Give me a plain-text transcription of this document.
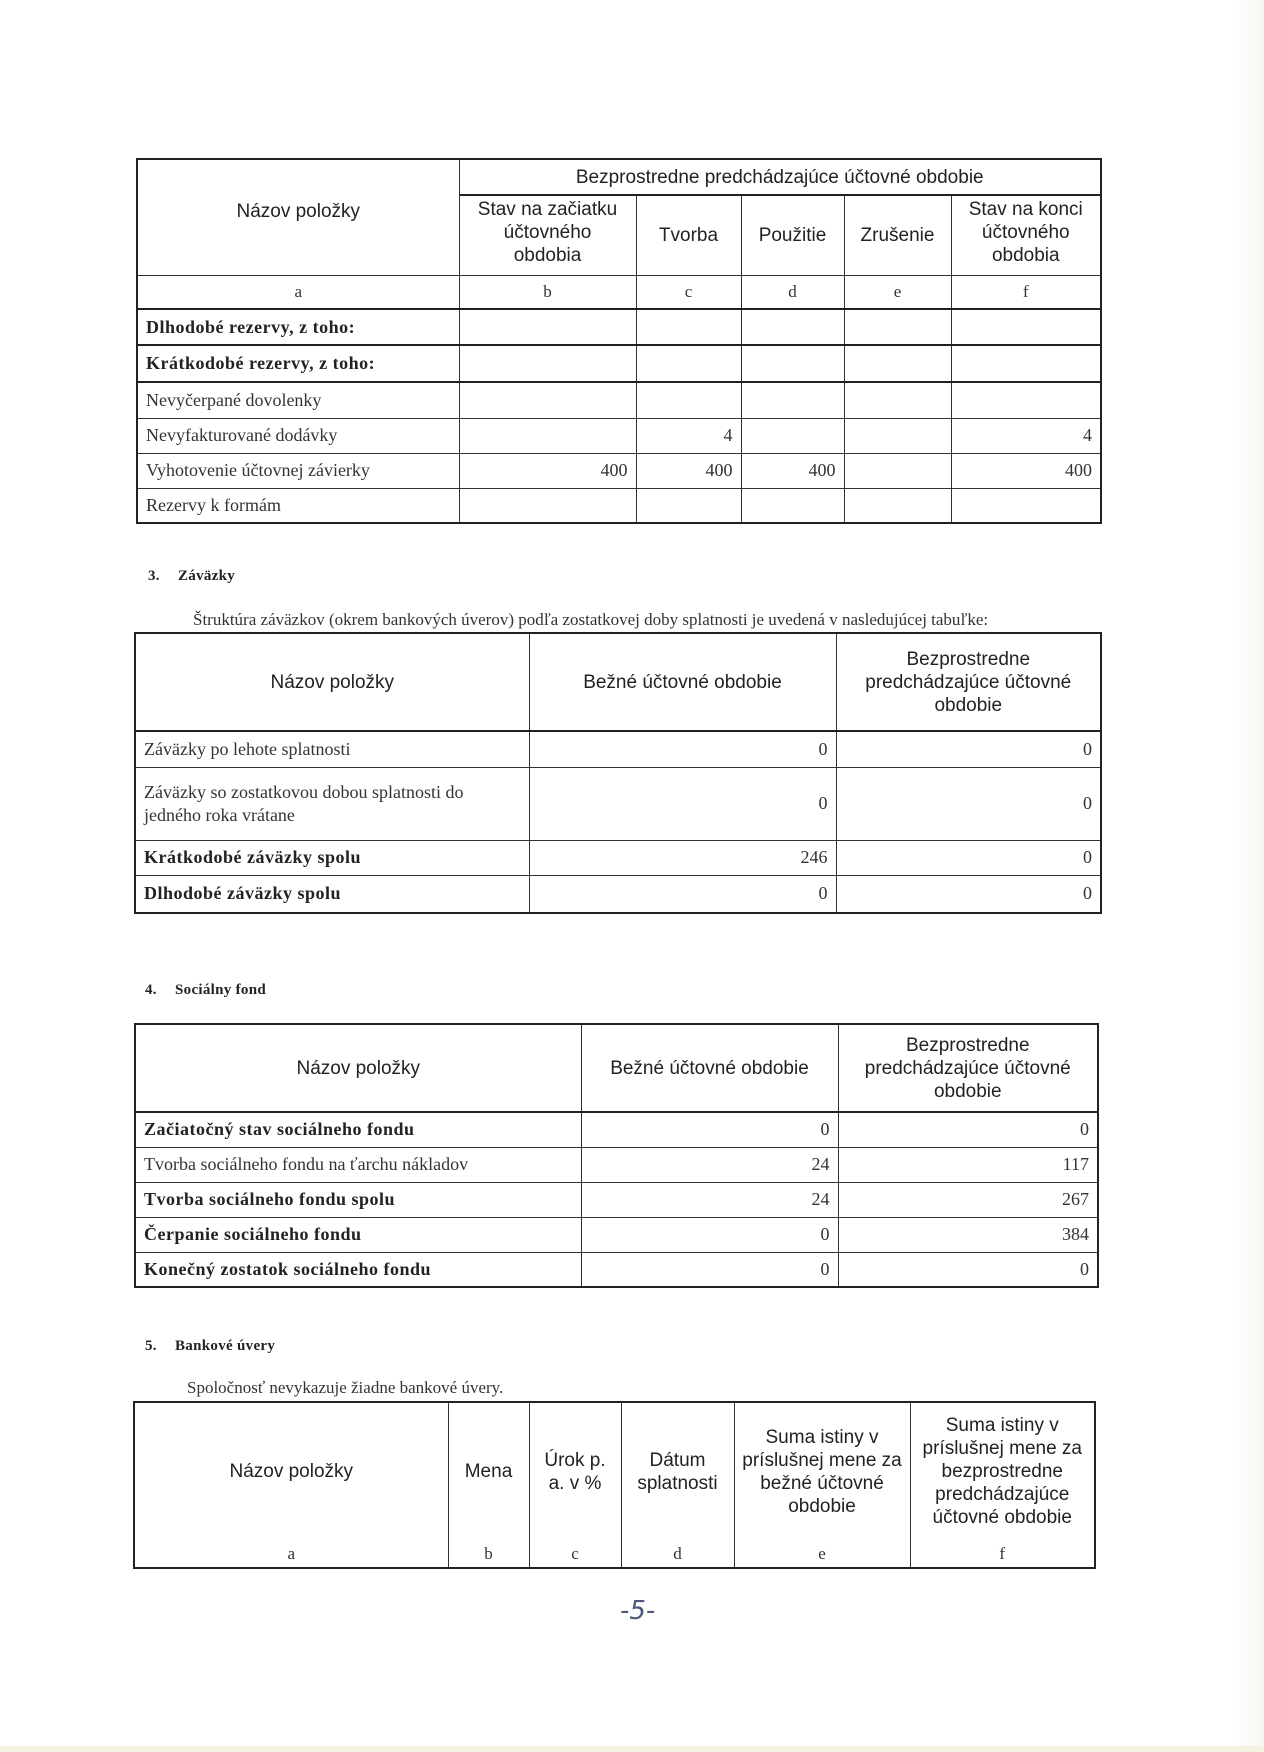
Názov položky	Bezprostredne predchádzajúce účtovné obdobie				
	Stav na začiatku účtovného obdobia	Tvorba	Použitie	Zrušenie	Stav na konci účtovného obdobia
a	b	c	d	e	f
Dlhodobé rezervy, z toho:					
Krátkodobé rezervy, z toho:					
Nevyčerpané dovolenky					
Nevyfakturované dodávky		4			4
Vyhotovenie účtovnej závierky	400	400	400		400
Rezervy k formám					
3. Záväzky
Štruktúra záväzkov (okrem bankových úverov) podľa zostatkovej doby splatnosti je uvedená v nasledujúcej tabuľke:
Názov položky	Bežné účtovné obdobie	Bezprostredne predchádzajúce účtovné obdobie
Záväzky po lehote splatnosti	0	0
Záväzky so zostatkovou dobou splatnosti do jedného roka vrátane	0	0
Krátkodobé záväzky spolu	246	0
Dlhodobé záväzky spolu	0	0
4. Sociálny fond
Názov položky	Bežné účtovné obdobie	Bezprostredne predchádzajúce účtovné obdobie
Začiatočný stav sociálneho fondu	0	0
Tvorba sociálneho fondu na ťarchu nákladov	24	117
Tvorba sociálneho fondu spolu	24	267
Čerpanie sociálneho fondu	0	384
Konečný zostatok sociálneho fondu	0	0
5. Bankové úvery
Spoločnosť nevykazuje žiadne bankové úvery.
Názov položky	Mena	Úrok p. a. v %	Dátum splatnosti	Suma istiny v príslušnej mene za bežné účtovné obdobie	Suma istiny v príslušnej mene za bezprostredne predchádzajúce účtovné obdobie
a	b	c	d	e	f
-5-
